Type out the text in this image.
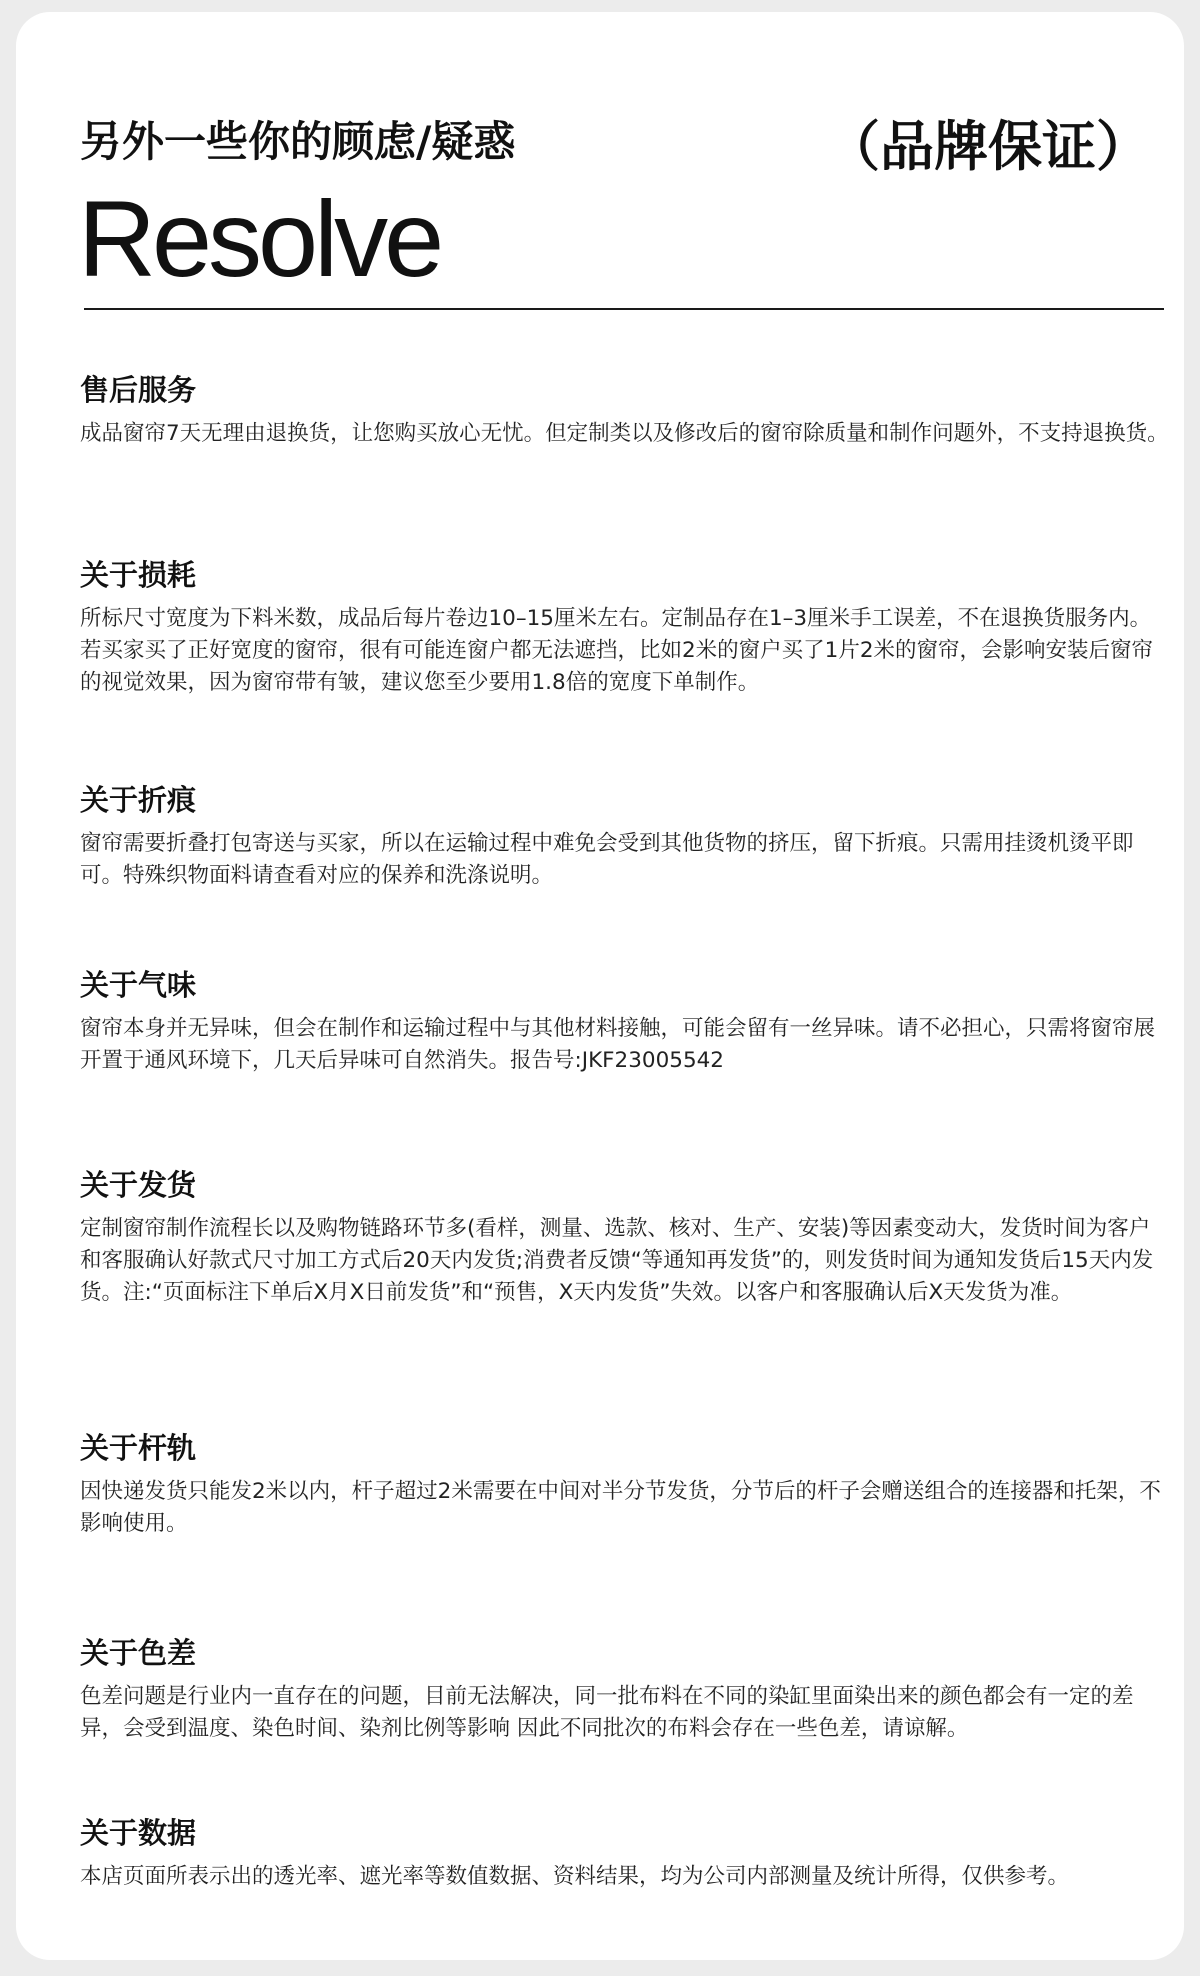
另外一些你的顾虑/疑惑	（品牌保证）
Resolve
售后服务

成品窗帘7天无理由退换货，让您购买放心无忧。但定制类以及修改后的窗帘除质量和制作问题外，不支持退换货。

关于损耗

所标尺寸宽度为下料米数，成品后每片卷边10–15厘米左右。定制品存在1–3厘米手工误差，不在退换货服务内。若买家买了正好宽度的窗帘，很有可能连窗户都无法遮挡，比如2米的窗户买了1片2米的窗帘，会影响安装后窗帘的视觉效果，因为窗帘带有皱，建议您至少要用1.8倍的宽度下单制作。

关于折痕

窗帘需要折叠打包寄送与买家，所以在运输过程中难免会受到其他货物的挤压，留下折痕。只需用挂烫机烫平即可。特殊织物面料请查看对应的保养和洗涤说明。

关于气味

窗帘本身并无异味，但会在制作和运输过程中与其他材料接触，可能会留有一丝异味。请不必担心，只需将窗帘展开置于通风环境下，几天后异味可自然消失。报告号:JKF23005542

关于发货

定制窗帘制作流程长以及购物链路环节多(看样，测量、选款、核对、生产、安装)等因素变动大，发货时间为客户和客服确认好款式尺寸加工方式后20天内发货;消费者反馈“等通知再发货”的，则发货时间为通知发货后15天内发货。注:“页面标注下单后X月X日前发货”和“预售，X天内发货”失效。以客户和客服确认后X天发货为准。

关于杆轨

因快递发货只能发2米以内，杆子超过2米需要在中间对半分节发货，分节后的杆子会赠送组合的连接器和托架，不影响使用。

关于色差

色差问题是行业内一直存在的问题，目前无法解决，同一批布料在不同的染缸里面染出来的颜色都会有一定的差异，会受到温度、染色时间、染剂比例等影响 因此不同批次的布料会存在一些色差，请谅解。

关于数据

本店页面所表示出的透光率、遮光率等数值数据、资料结果，均为公司内部测量及统计所得，仅供参考。
